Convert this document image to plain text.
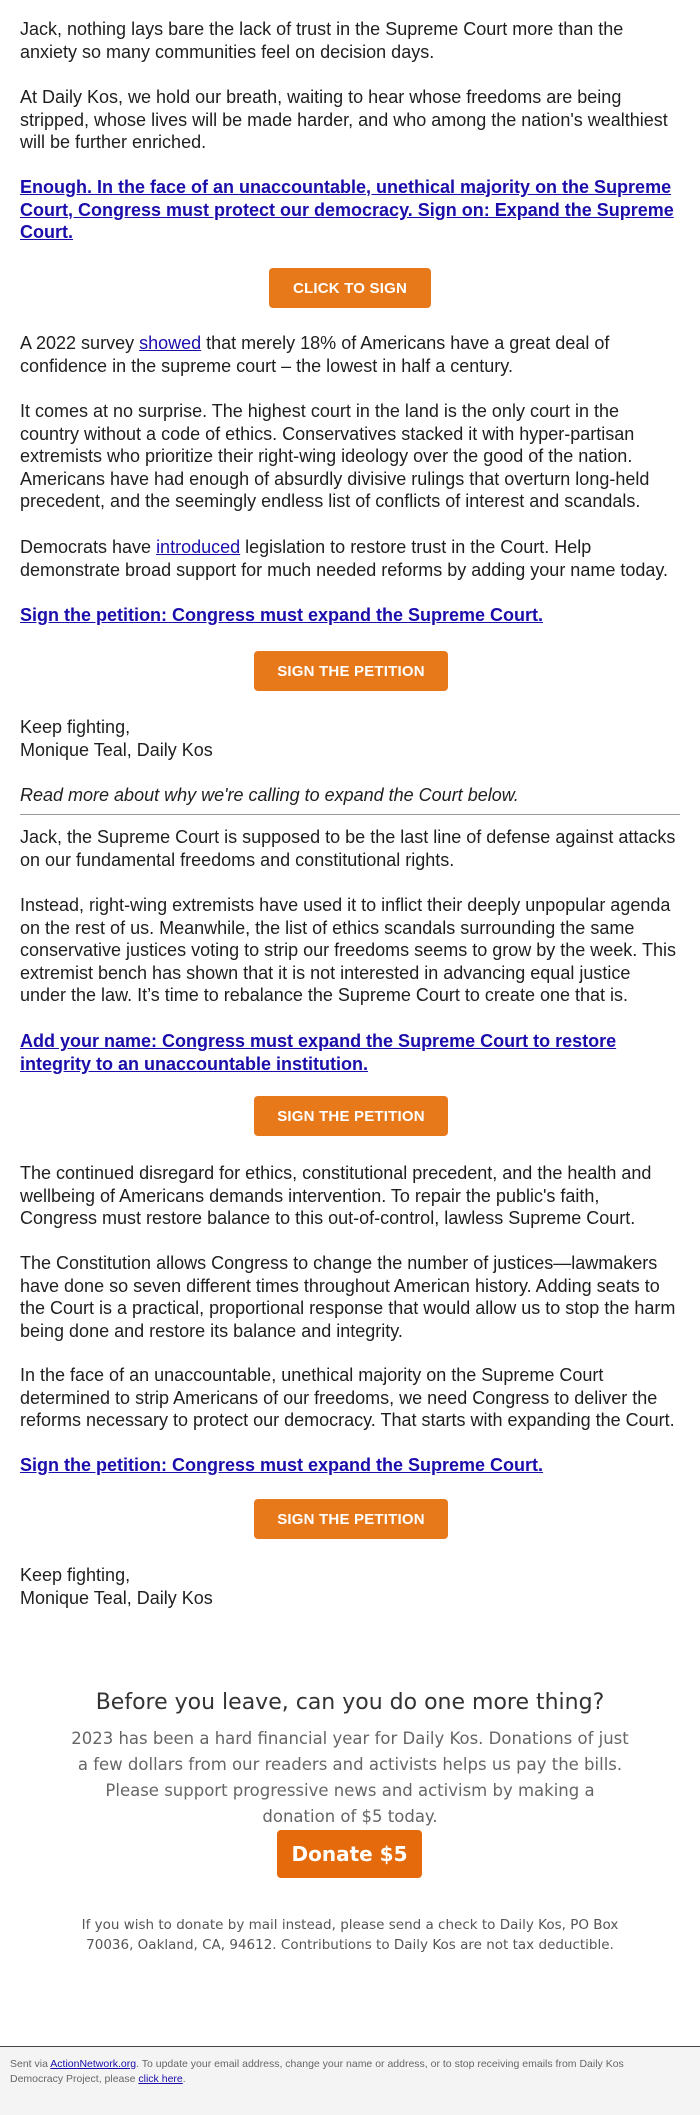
Jack, nothing lays bare the lack of trust in the Supreme Court more than the anxiety so many communities feel on decision days.

At Daily Kos, we hold our breath, waiting to hear whose freedoms are being stripped, whose lives will be made harder, and who among the nation's wealthiest will be further enriched.

Enough. In the face of an unaccountable, unethical majority on the Supreme Court, Congress must protect our democracy. Sign on: Expand the Supreme Court.

CLICK TO SIGN

A 2022 survey showed that merely 18% of Americans have a great deal of confidence in the supreme court – the lowest in half a century.

It comes at no surprise. The highest court in the land is the only court in the country without a code of ethics. Conservatives stacked it with hyper-partisan extremists who prioritize their right-wing ideology over the good of the nation. Americans have had enough of absurdly divisive rulings that overturn long-held precedent, and the seemingly endless list of conflicts of interest and scandals.

Democrats have introduced legislation to restore trust in the Court. Help demonstrate broad support for much needed reforms by adding your name today.

Sign the petition: Congress must expand the Supreme Court.

SIGN THE PETITION

Keep fighting,

Monique Teal, Daily Kos

Read more about why we're calling to expand the Court below.

Jack, the Supreme Court is supposed to be the last line of defense against attacks on our fundamental freedoms and constitutional rights.

Instead, right-wing extremists have used it to inflict their deeply unpopular agenda on the rest of us. Meanwhile, the list of ethics scandals surrounding the same conservative justices voting to strip our freedoms seems to grow by the week. This extremist bench has shown that it is not interested in advancing equal justice under the law. It’s time to rebalance the Supreme Court to create one that is.

Add your name: Congress must expand the Supreme Court to restore integrity to an unaccountable institution.

SIGN THE PETITION

The continued disregard for ethics, constitutional precedent, and the health and wellbeing of Americans demands intervention. To repair the public's faith, Congress must restore balance to this out-of-control, lawless Supreme Court.

The Constitution allows Congress to change the number of justices—lawmakers have done so seven different times throughout American history. Adding seats to the Court is a practical, proportional response that would allow us to stop the harm being done and restore its balance and integrity.

In the face of an unaccountable, unethical majority on the Supreme Court determined to strip Americans of our freedoms, we need Congress to deliver the reforms necessary to protect our democracy. That starts with expanding the Court.

Sign the petition: Congress must expand the Supreme Court.

SIGN THE PETITION

Keep fighting,

Monique Teal, Daily Kos

Before you leave, can you do one more thing?

2023 has been a hard financial year for Daily Kos. Donations of just a few dollars from our readers and activists helps us pay the bills. Please support progressive news and activism by making a donation of $5 today.

Donate $5

If you wish to donate by mail instead, please send a check to Daily Kos, PO Box 70036, Oakland, CA, 94612. Contributions to Daily Kos are not tax deductible.

Sent via ActionNetwork.org. To update your email address, change your name or address, or to stop receiving emails from Daily Kos Democracy Project, please click here.
